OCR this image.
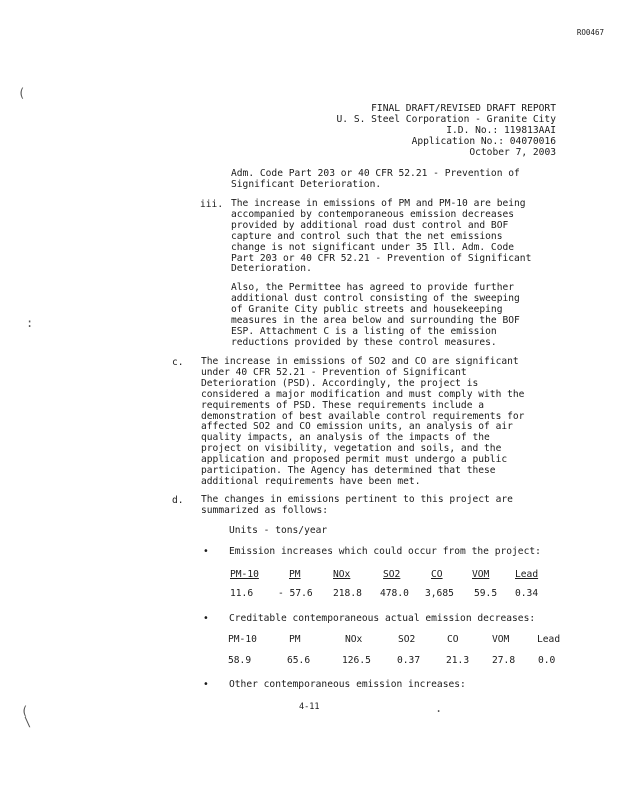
RO0467
(
:
(
\
.
FINAL DRAFT/REVISED DRAFT REPORT
U. S. Steel Corporation - Granite City
I.D. No.: 119813AAI
Application No.: 04070016
October 7, 2003
Adm. Code Part 203 or 40 CFR 52.21 - Prevention of
Significant Deterioration.
iii. The increase in emissions of PM and PM-10 are being accompanied by contemporaneous emission decreases provided by additional road dust control and BOF capture and control such that the net emissions change is not significant under 35 Ill. Adm. Code Part 203 or 40 CFR 52.21 - Prevention of Significant Deterioration.
Also, the Permittee has agreed to provide further additional dust control consisting of the sweeping of Granite City public streets and housekeeping measures in the area below and surrounding the BOF ESP. Attachment C is a listing of the emission reductions provided by these control measures.
c. The increase in emissions of SO2 and CO are significant under 40 CFR 52.21 - Prevention of Significant Deterioration (PSD). Accordingly, the project is considered a major modification and must comply with the requirements of PSD. These requirements include a demonstration of best available control requirements for affected SO2 and CO emission units, an analysis of air quality impacts, an analysis of the impacts of the project on visibility, vegetation and soils, and the application and proposed permit must undergo a public participation. The Agency has determined that these additional requirements have been met.
d. The changes in emissions pertinent to this project are summarized as follows:
Units - tons/year
• Emission increases which could occur from the project:
PM-10	PM	NOx	SO2	CO	VOM	Lead
11.6	- 57.6 218.8 478.0 3,685 59.5 0.34
• Creditable contemporaneous actual emission decreases:
PM-10	PM	NOx	SO2	CO	VOM	Lead
58.9	65.6	126.5	0.37	21.3 27.8 0.0
• Other contemporaneous emission increases:
4-11
